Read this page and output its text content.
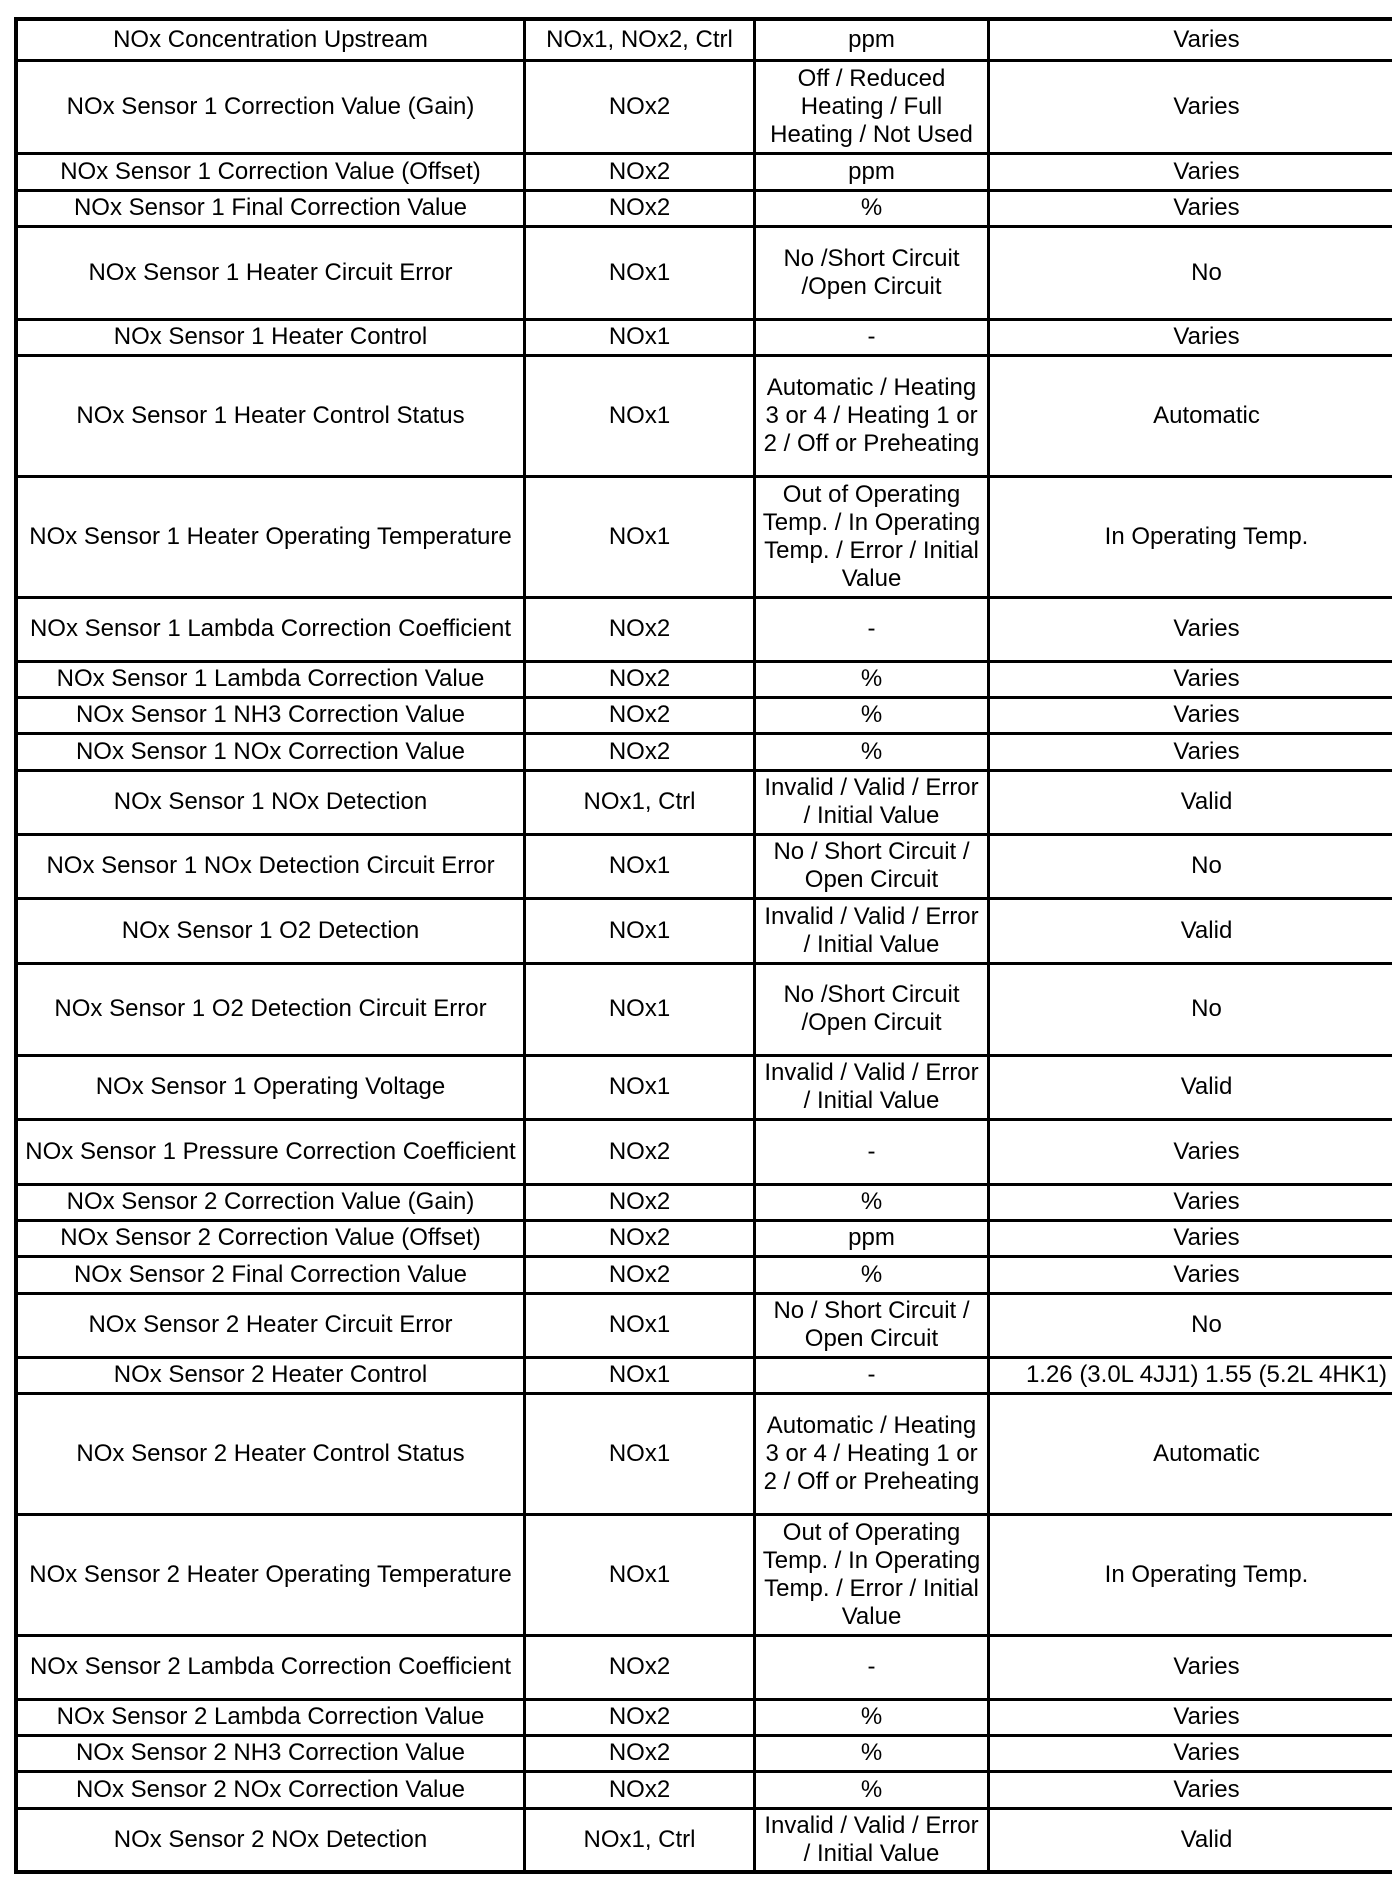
NOx Concentration Upstream	NOx1, NOx2, Ctrl	ppm	Varies
NOx Sensor 1 Correction Value (Gain)	NOx2	Off / Reduced Heating / Full Heating / Not Used	Varies
NOx Sensor 1 Correction Value (Offset)	NOx2	ppm	Varies
NOx Sensor 1 Final Correction Value	NOx2	%	Varies
NOx Sensor 1 Heater Circuit Error	NOx1	No /Short Circuit /Open Circuit	No
NOx Sensor 1 Heater Control	NOx1	-	Varies
NOx Sensor 1 Heater Control Status	NOx1	Automatic / Heating 3 or 4 / Heating 1 or 2 / Off or Preheating	Automatic
NOx Sensor 1 Heater Operating Temperature	NOx1	Out of Operating Temp. / In Operating Temp. / Error / Initial Value	In Operating Temp.
NOx Sensor 1 Lambda Correction Coefficient	NOx2	-	Varies
NOx Sensor 1 Lambda Correction Value	NOx2	%	Varies
NOx Sensor 1 NH3 Correction Value	NOx2	%	Varies
NOx Sensor 1 NOx Correction Value	NOx2	%	Varies
NOx Sensor 1 NOx Detection	NOx1, Ctrl	Invalid / Valid / Error / Initial Value	Valid
NOx Sensor 1 NOx Detection Circuit Error	NOx1	No / Short Circuit / Open Circuit	No
NOx Sensor 1 O2 Detection	NOx1	Invalid / Valid / Error / Initial Value	Valid
NOx Sensor 1 O2 Detection Circuit Error	NOx1	No /Short Circuit /Open Circuit	No
NOx Sensor 1 Operating Voltage	NOx1	Invalid / Valid / Error / Initial Value	Valid
NOx Sensor 1 Pressure Correction Coefficient	NOx2	-	Varies
NOx Sensor 2 Correction Value (Gain)	NOx2	%	Varies
NOx Sensor 2 Correction Value (Offset)	NOx2	ppm	Varies
NOx Sensor 2 Final Correction Value	NOx2	%	Varies
NOx Sensor 2 Heater Circuit Error	NOx1	No / Short Circuit / Open Circuit	No
NOx Sensor 2 Heater Control	NOx1	-	1.26 (3.0L 4JJ1) 1.55 (5.2L 4HK1)
NOx Sensor 2 Heater Control Status	NOx1	Automatic / Heating 3 or 4 / Heating 1 or 2 / Off or Preheating	Automatic
NOx Sensor 2 Heater Operating Temperature	NOx1	Out of Operating Temp. / In Operating Temp. / Error / Initial Value	In Operating Temp.
NOx Sensor 2 Lambda Correction Coefficient	NOx2	-	Varies
NOx Sensor 2 Lambda Correction Value	NOx2	%	Varies
NOx Sensor 2 NH3 Correction Value	NOx2	%	Varies
NOx Sensor 2 NOx Correction Value	NOx2	%	Varies
NOx Sensor 2 NOx Detection	NOx1, Ctrl	Invalid / Valid / Error / Initial Value	Valid
